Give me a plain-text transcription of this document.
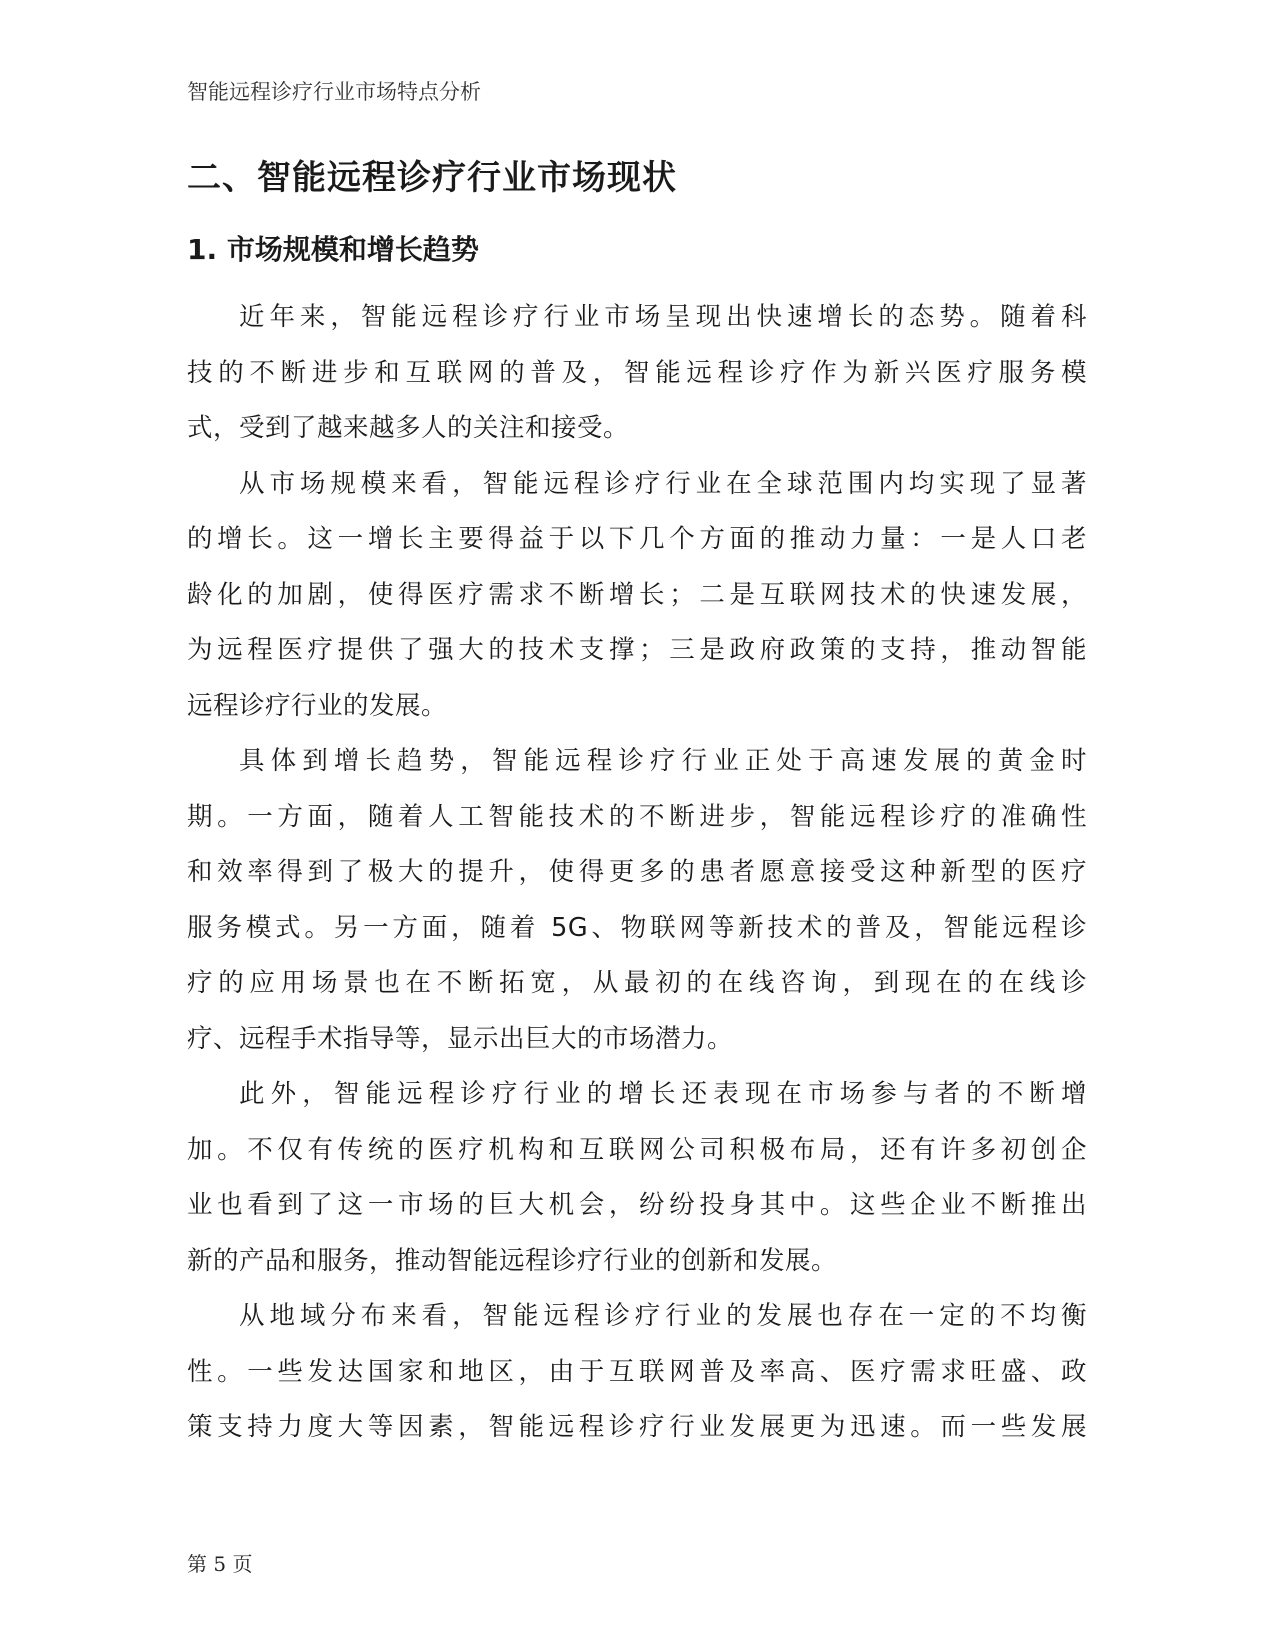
智能远程诊疗行业市场特点分析
二、智能远程诊疗行业市场现状
1. 市场规模和增长趋势
近年来，智能远程诊疗行业市场呈现出快速增长的态势。随着科
技的不断进步和互联网的普及，智能远程诊疗作为新兴医疗服务模
式，受到了越来越多人的关注和接受。
从市场规模来看，智能远程诊疗行业在全球范围内均实现了显著
的增长。这一增长主要得益于以下几个方面的推动力量：一是人口老
龄化的加剧，使得医疗需求不断增长；二是互联网技术的快速发展，
为远程医疗提供了强大的技术支撑；三是政府政策的支持，推动智能
远程诊疗行业的发展。
具体到增长趋势，智能远程诊疗行业正处于高速发展的黄金时
期。一方面，随着人工智能技术的不断进步，智能远程诊疗的准确性
和效率得到了极大的提升，使得更多的患者愿意接受这种新型的医疗
服务模式。另一方面，随着 5G、物联网等新技术的普及，智能远程诊
疗的应用场景也在不断拓宽，从最初的在线咨询，到现在的在线诊
疗、远程手术指导等，显示出巨大的市场潜力。
此外，智能远程诊疗行业的增长还表现在市场参与者的不断增
加。不仅有传统的医疗机构和互联网公司积极布局，还有许多初创企
业也看到了这一市场的巨大机会，纷纷投身其中。这些企业不断推出
新的产品和服务，推动智能远程诊疗行业的创新和发展。
从地域分布来看，智能远程诊疗行业的发展也存在一定的不均衡
性。一些发达国家和地区，由于互联网普及率高、医疗需求旺盛、政
策支持力度大等因素，智能远程诊疗行业发展更为迅速。而一些发展
第 5 页
